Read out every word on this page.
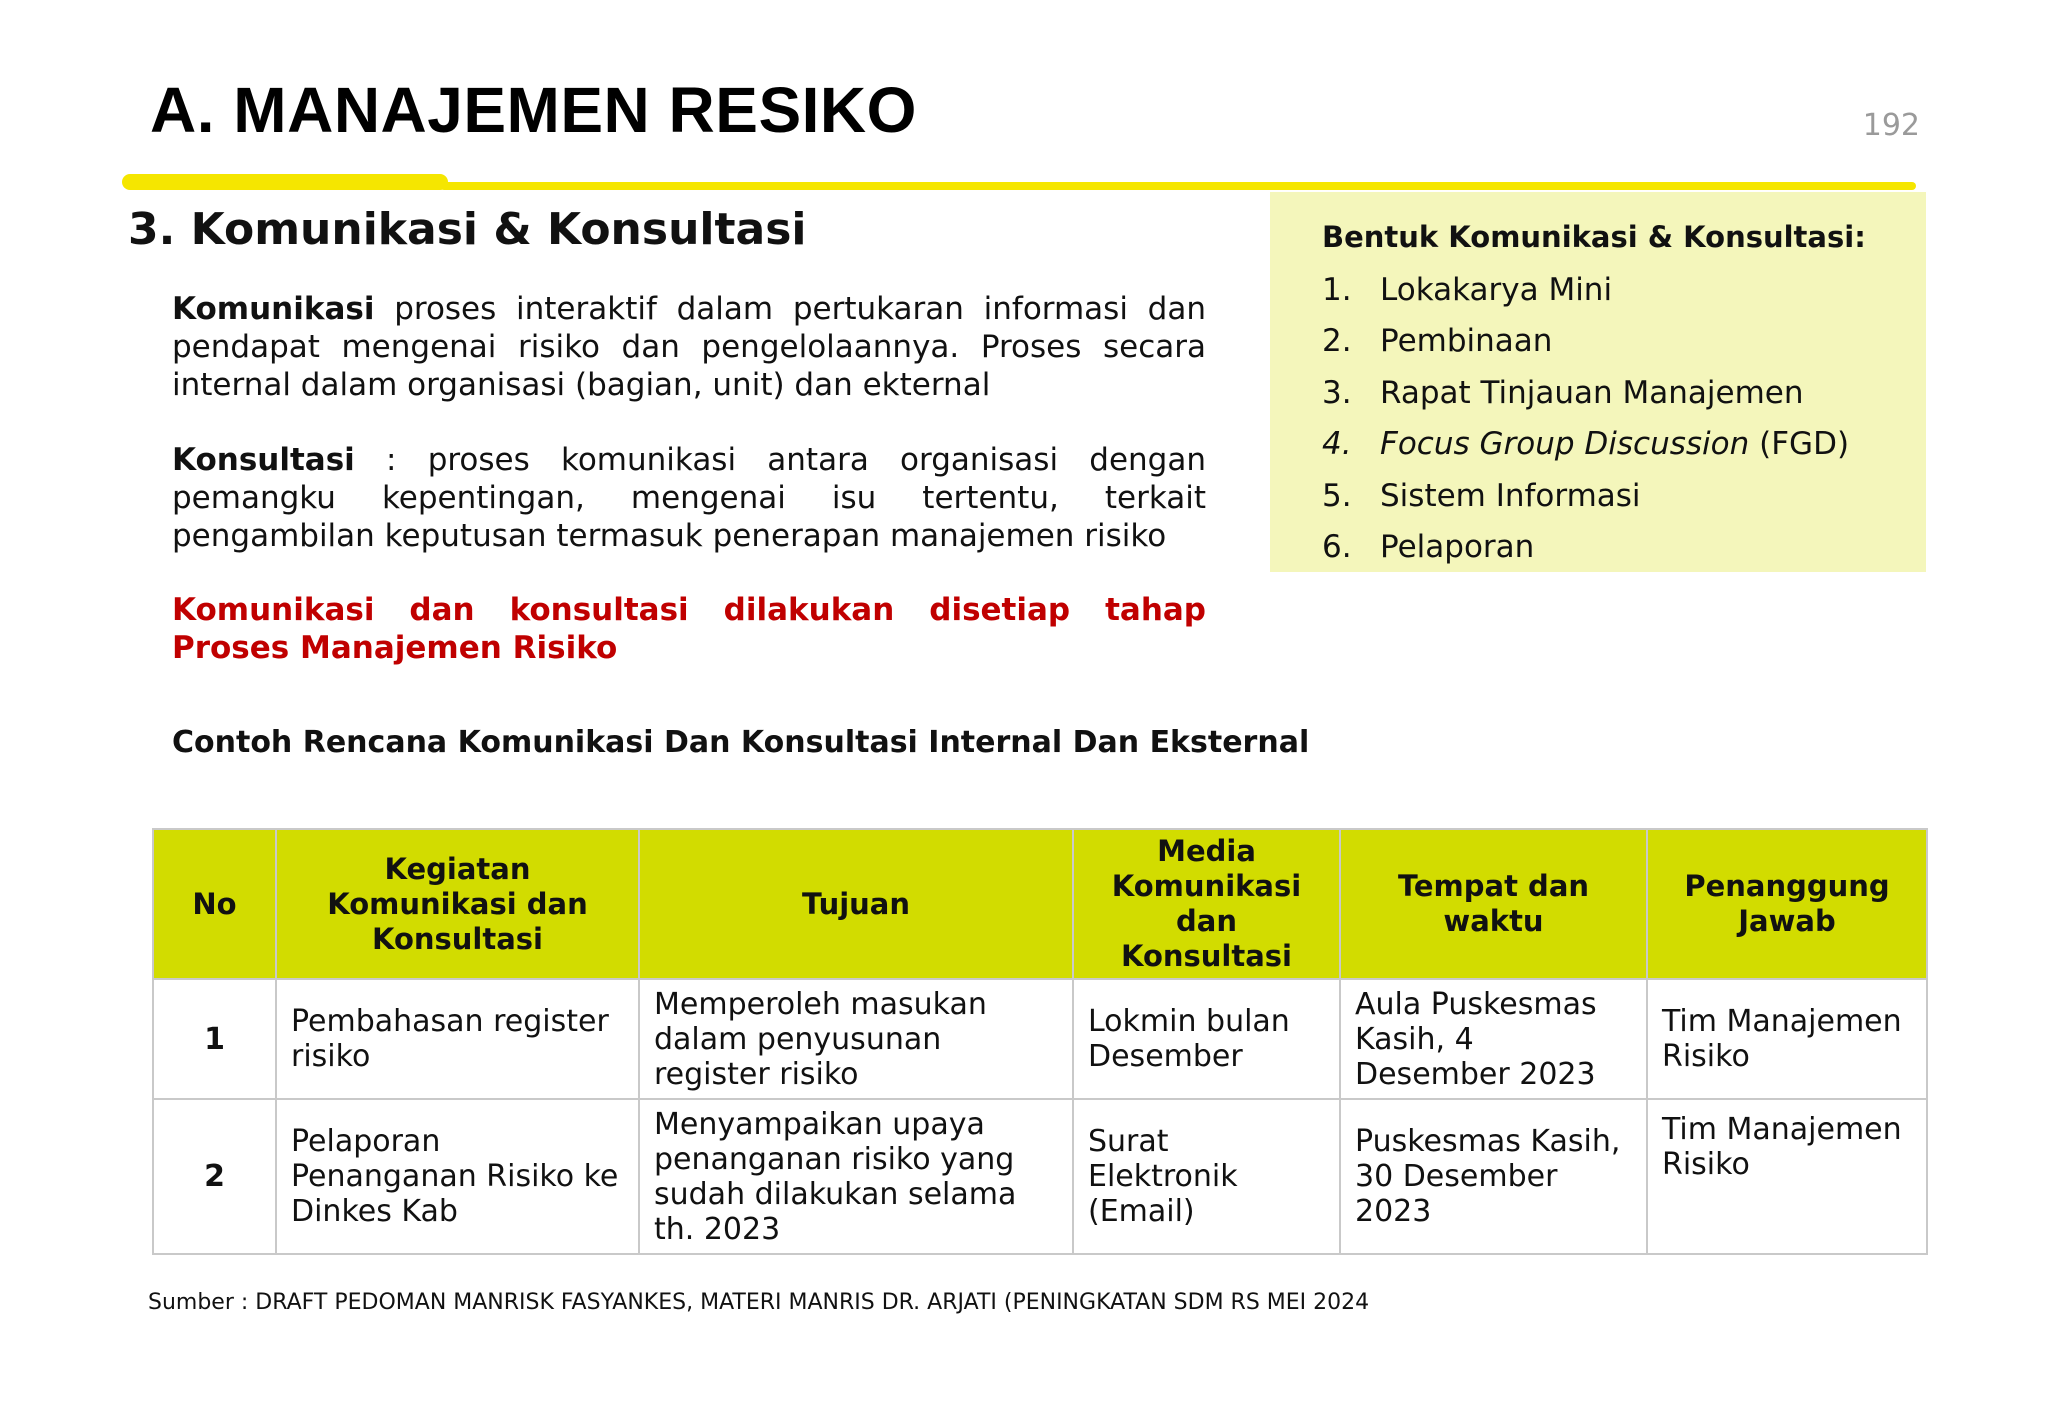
A. MANAJEMEN RESIKO	192
3. Komunikasi & Konsultasi

Komunikasi proses interaktif dalam pertukaran informasi dan pendapat mengenai risiko dan pengelolaannya. Proses secara internal dalam organisasi (bagian, unit) dan ekternal

Konsultasi : proses komunikasi antara organisasi dengan pemangku kepentingan, mengenai isu tertentu, terkait pengambilan keputusan termasuk penerapan manajemen risiko

Komunikasi dan konsultasi dilakukan disetiap tahap Proses Manajemen Risiko

Contoh Rencana Komunikasi Dan Konsultasi Internal Dan Eksternal

Bentuk Komunikasi & Konsultasi:
1. Lokakarya Mini
2. Pembinaan
3. Rapat Tinjauan Manajemen
4. Focus Group Discussion (FGD)
5. Sistem Informasi
6. Pelaporan
No	Kegiatan Komunikasi dan Konsultasi	Tujuan	Media Komunikasi dan Konsultasi	Tempat dan waktu	Penanggung Jawab
1	Pembahasan register risiko	Memperoleh masukan dalam penyusunan register risiko	Lokmin bulan Desember	Aula Puskesmas Kasih, 4 Desember 2023	Tim Manajemen Risiko
2	Pelaporan Penanganan Risiko ke Dinkes Kab	Menyampaikan upaya penanganan risiko yang sudah dilakukan selama th. 2023	Surat Elektronik (Email)	Puskesmas Kasih, 30 Desember 2023	Tim Manajemen Risiko

Sumber : DRAFT PEDOMAN MANRISK FASYANKES, MATERI MANRIS DR. ARJATI (PENINGKATAN SDM RS MEI 2024
